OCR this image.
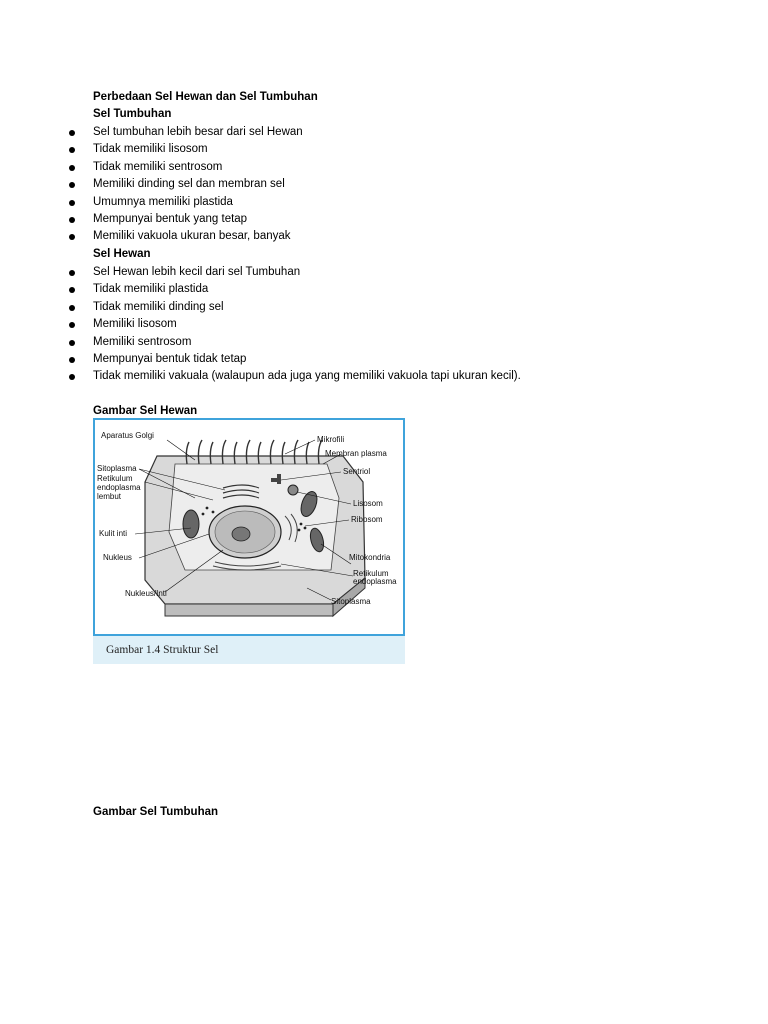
Perbedaan Sel Hewan dan Sel Tumbuhan
Sel Tumbuhan
Sel tumbuhan lebih besar dari sel Hewan
Tidak memiliki lisosom
Tidak memiliki sentrosom
Memiliki dinding sel dan membran sel
Umumnya memiliki plastida
Mempunyai bentuk yang tetap
Memiliki vakuola ukuran besar, banyak
Sel Hewan
Sel Hewan lebih kecil dari sel Tumbuhan
Tidak memiliki plastida
Tidak memiliki dinding sel
Memiliki lisosom
Memiliki sentrosom
Mempunyai bentuk tidak tetap
Tidak memiliki vakuala (walaupun ada juga yang memiliki vakuola tapi ukuran kecil).
Gambar Sel Hewan
Aparatus Golgi
Sitoplasma
Retikulum
endoplasma
lembut
Kulit inti
Nukleus
Nukleus/Inti
Mikrofili
Membran plasma
Sentriol
Lisosom
Ribosom
Mitokondria
Retikulum
endoplasma
Sitoplasma
Gambar 1.4 Struktur Sel
Gambar Sel Tumbuhan
